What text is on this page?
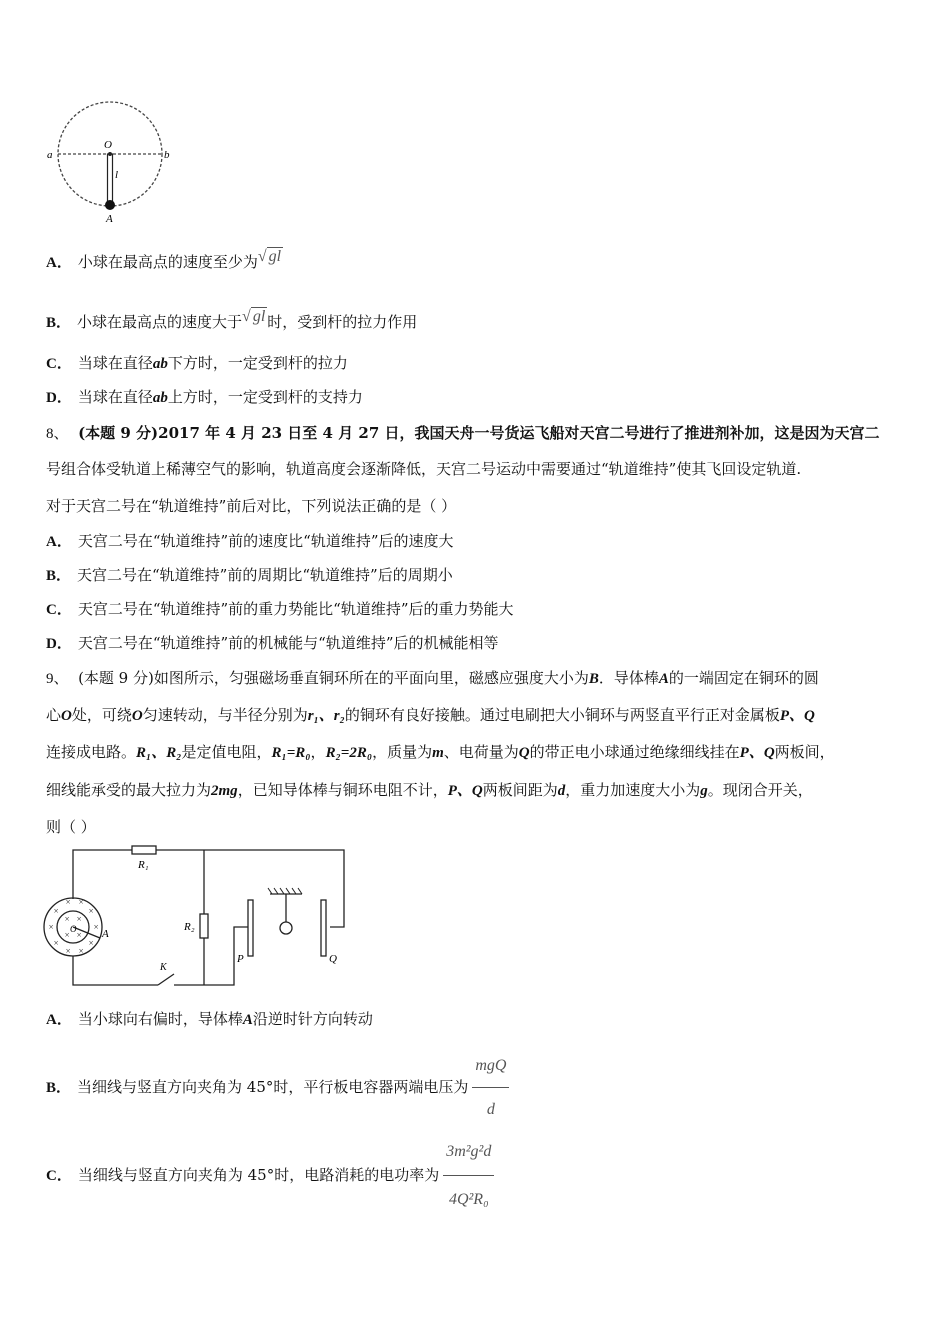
O
a	b
l
A
A． 小球在最高点的速度至少为√ gl
B． 小球在最高点的速度大于√ gl 时，受到杆的拉力作用
C． 当球在直径ab下方时，一定受到杆的拉力
D． 当球在直径ab上方时，一定受到杆的支持力
8、 (本题 9 分)2017 年 4 月 23 日至 4 月 27 日，我国天舟一号货运飞船对天宫二号进行了推进剂补加，这是因为天宫二
号组合体受轨道上稀薄空气的影响，轨道高度会逐渐降低，天宫二号运动中需要通过“轨道维持”使其飞回设定轨道.
对于天宫二号在“轨道维持”前后对比，下列说法正确的是（ ）
A． 天宫二号在“轨道维持”前的速度比“轨道维持”后的速度大
B． 天宫二号在“轨道维持”前的周期比“轨道维持”后的周期小
C． 天宫二号在“轨道维持”前的重力势能比“轨道维持”后的重力势能大
D． 天宫二号在“轨道维持”前的机械能与“轨道维持”后的机械能相等
9、 (本题 9 分)如图所示，匀强磁场垂直铜环所在的平面向里，磁感应强度大小为B．导体棒A的一端固定在铜环的圆
心O处，可绕O匀速转动，与半径分别为r₁、r₂的铜环有良好接触。通过电刷把大小铜环与两竖直平行正对金属板P、Q
连接成电路。R₁、R₂是定值电阻，R₁=R₀，R₂=2R₀，质量为m、电荷量为Q的带正电小球通过绝缘细线挂在P、Q两板间，
细线能承受的最大拉力为2mg，已知导体棒与铜环电阻不计，P、Q两板间距为d，重力加速度大小为g。现闭合开关，
则（ ）
×
× ×
×
×	×
×
× ×
×
× ×
× ×
R₁
R₂
K
P	Q
A
O
A． 当小球向右偏时，导体棒A沿逆时针方向转动
B． 当细线与竖直方向夹角为 45°时，平行板电容器两端电压为 $\frac{\text{mgQ}}{d}$
C． 当细线与竖直方向夹角为 45°时，电路消耗的电功率为 $\frac{\text{3m²g²d}}{\text{4Q²R₀}}$
